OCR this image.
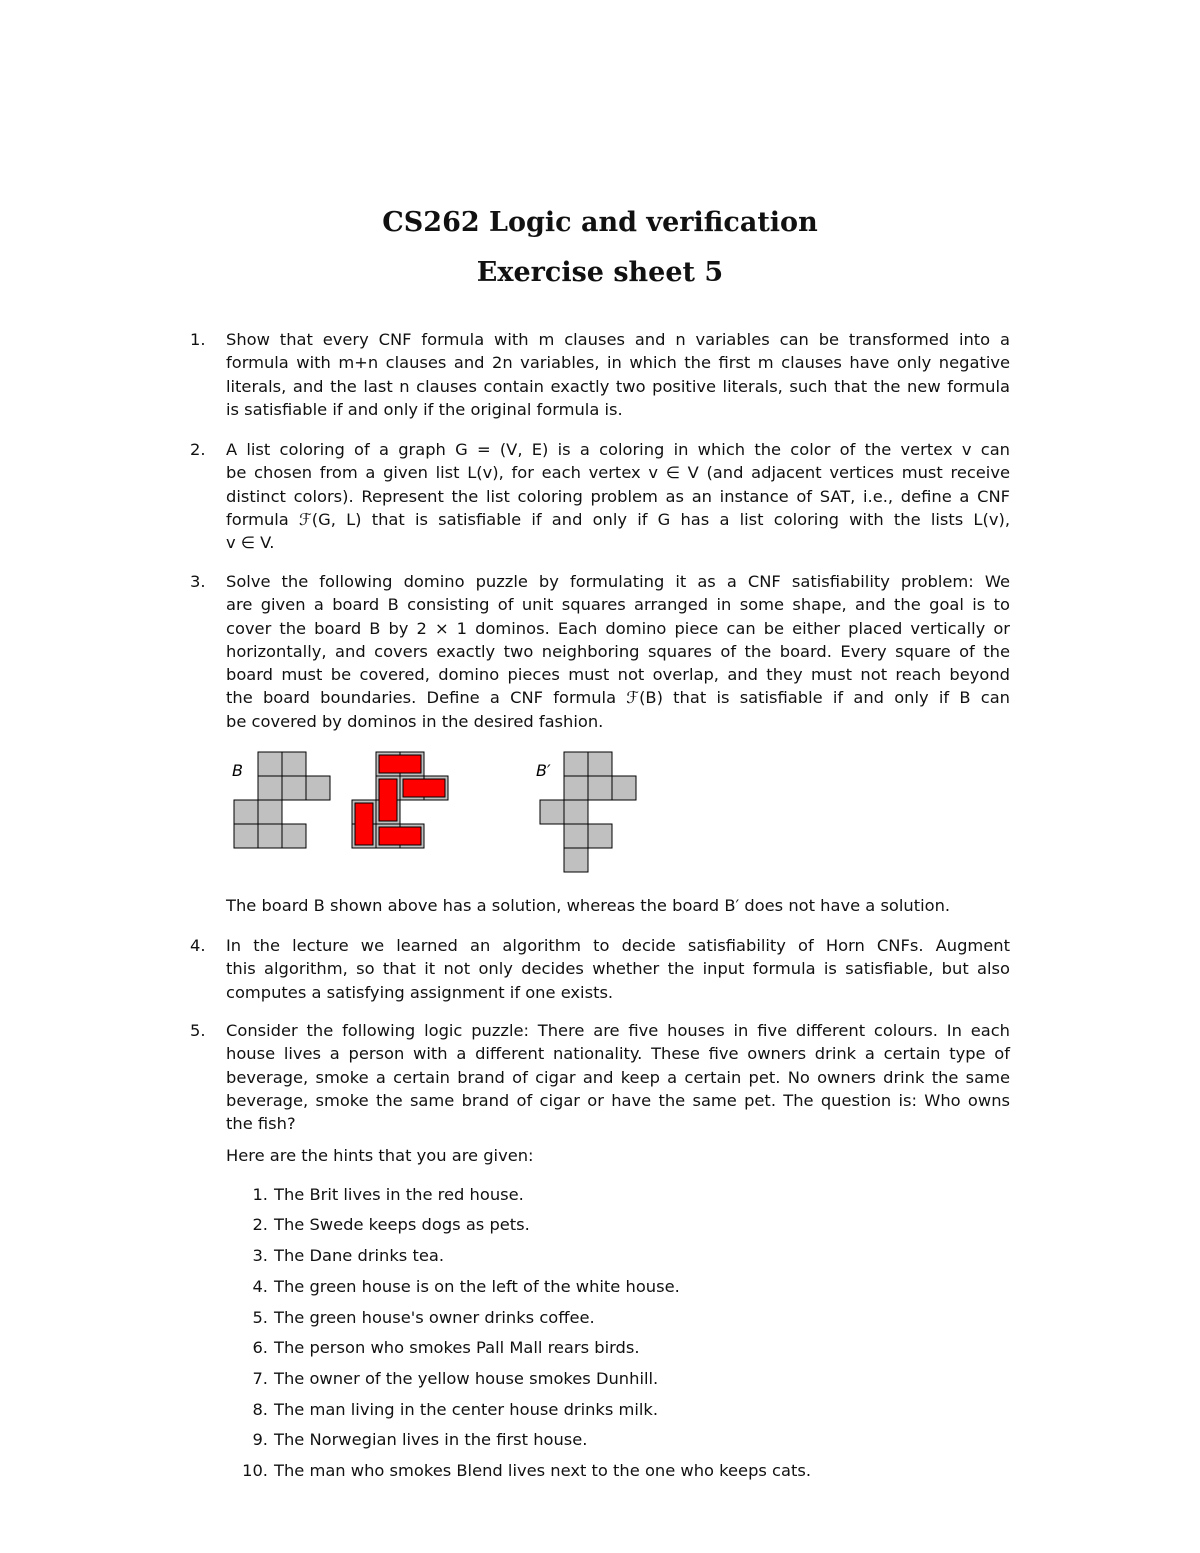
CS262 Logic and verification
Exercise sheet 5
1. Show that every CNF formula with m clauses and n variables can be transformed into a
formula with m+n clauses and 2n variables, in which the first m clauses have only negative
literals, and the last n clauses contain exactly two positive literals, such that the new formula
is satisfiable if and only if the original formula is.
2. A list coloring of a graph G = (V, E) is a coloring in which the color of the vertex v can
be chosen from a given list L(v), for each vertex v ∈ V (and adjacent vertices must receive
distinct colors). Represent the list coloring problem as an instance of SAT, i.e., define a CNF
formula ℱ(G, L) that is satisfiable if and only if G has a list coloring with the lists L(v),
v ∈ V.
3. Solve the following domino puzzle by formulating it as a CNF satisfiability problem: We
are given a board B consisting of unit squares arranged in some shape, and the goal is to
cover the board B by 2 × 1 dominos. Each domino piece can be either placed vertically or
horizontally, and covers exactly two neighboring squares of the board. Every square of the
board must be covered, domino pieces must not overlap, and they must not reach beyond
the board boundaries. Define a CNF formula ℱ(B) that is satisfiable if and only if B can
be covered by dominos in the desired fashion.
B	B′
The board B shown above has a solution, whereas the board B′ does not have a solution.
4. In the lecture we learned an algorithm to decide satisfiability of Horn CNFs. Augment
this algorithm, so that it not only decides whether the input formula is satisfiable, but also
computes a satisfying assignment if one exists.
5. Consider the following logic puzzle: There are five houses in five different colours. In each
house lives a person with a different nationality. These five owners drink a certain type of
beverage, smoke a certain brand of cigar and keep a certain pet. No owners drink the same
beverage, smoke the same brand of cigar or have the same pet. The question is: Who owns
the fish?
Here are the hints that you are given:
1. The Brit lives in the red house.
2. The Swede keeps dogs as pets.
3. The Dane drinks tea.
4. The green house is on the left of the white house.
5. The green house's owner drinks coffee.
6. The person who smokes Pall Mall rears birds.
7. The owner of the yellow house smokes Dunhill.
8. The man living in the center house drinks milk.
9. The Norwegian lives in the first house.
10. The man who smokes Blend lives next to the one who keeps cats.
